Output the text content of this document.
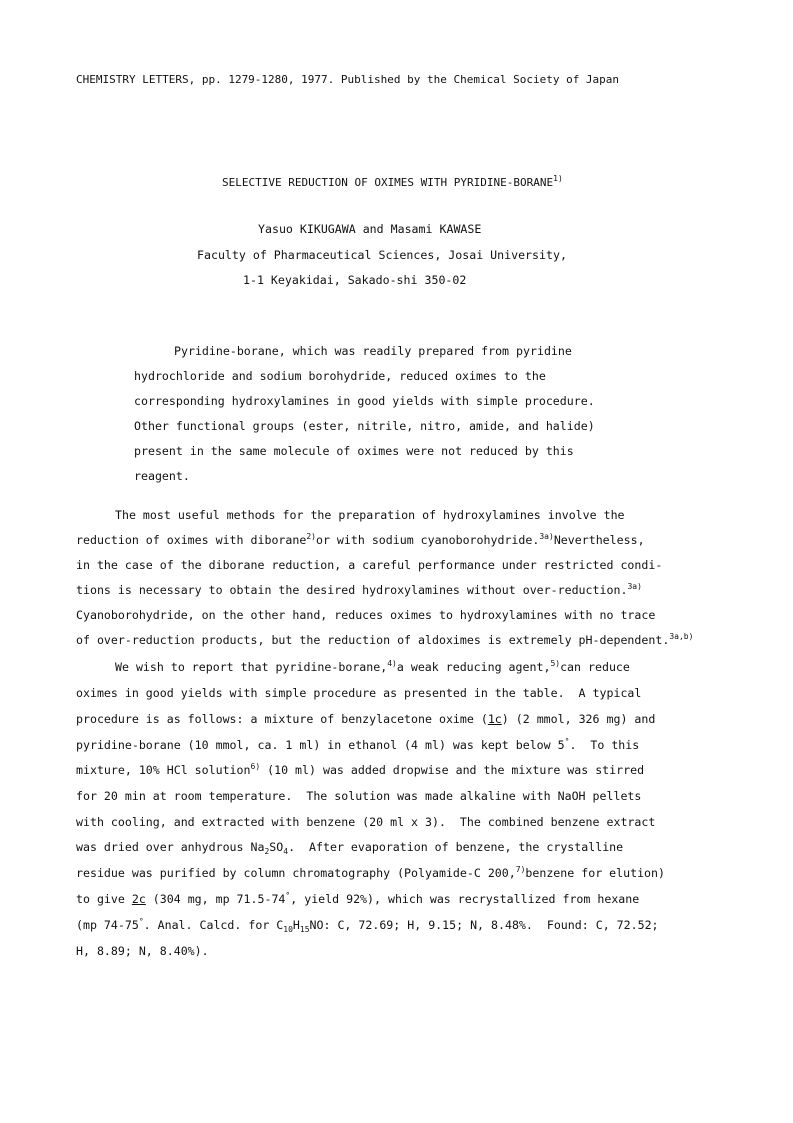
CHEMISTRY LETTERS, pp. 1279-1280, 1977. Published by the Chemical Society of Japan
SELECTIVE REDUCTION OF OXIMES WITH PYRIDINE-BORANE$^{1)}$
Yasuo KIKUGAWA and Masami KAWASE
Faculty of Pharmaceutical Sciences, Josai University,
1-1 Keyakidai, Sakado-shi 350-02
Pyridine-borane, which was readily prepared from pyridine
hydrochloride and sodium borohydride, reduced oximes to the
corresponding hydroxylamines in good yields with simple procedure.
Other functional groups (ester, nitrile, nitro, amide, and halide)
present in the same molecule of oximes were not reduced by this
reagent.
The most useful methods for the preparation of hydroxylamines involve the
reduction of oximes with diborane$^{2)}$or with sodium cyanoborohydride.$^{3a)}$Nevertheless,
in the case of the diborane reduction, a careful performance under restricted condi-
tions is necessary to obtain the desired hydroxylamines without over-reduction.$^{3a)}$
Cyanoborohydride, on the other hand, reduces oximes to hydroxylamines with no trace
of over-reduction products, but the reduction of aldoximes is extremely pH-dependent.$^{3a,b)}$
We wish to report that pyridine-borane,$^{4)}$a weak reducing agent,$^{5)}$can reduce
oximes in good yields with simple procedure as presented in the table.  A typical
procedure is as follows: a mixture of benzylacetone oxime (1c) (2 mmol, 326 mg) and
pyridine-borane (10 mmol, ca. 1 ml) in ethanol (4 ml) was kept below 5°.  To this
mixture, 10% HCl solution$^{6)}$ (10 ml) was added dropwise and the mixture was stirred
for 20 min at room temperature.  The solution was made alkaline with NaOH pellets
with cooling, and extracted with benzene (20 ml x 3).  The combined benzene extract
was dried over anhydrous $Na_2SO_4$.  After evaporation of benzene, the crystalline
residue was purified by column chromatography (Polyamide-C 200,$^{7)}$benzene for elution)
to give 2c (304 mg, mp 71.5-74°, yield 92%), which was recrystallized from hexane
(mp 74-75°. Anal. Calcd. for $C_{10}H_{15}NO$: C, 72.69; H, 9.15; N, 8.48%.  Found: C, 72.52;
H, 8.89; N, 8.40%).
